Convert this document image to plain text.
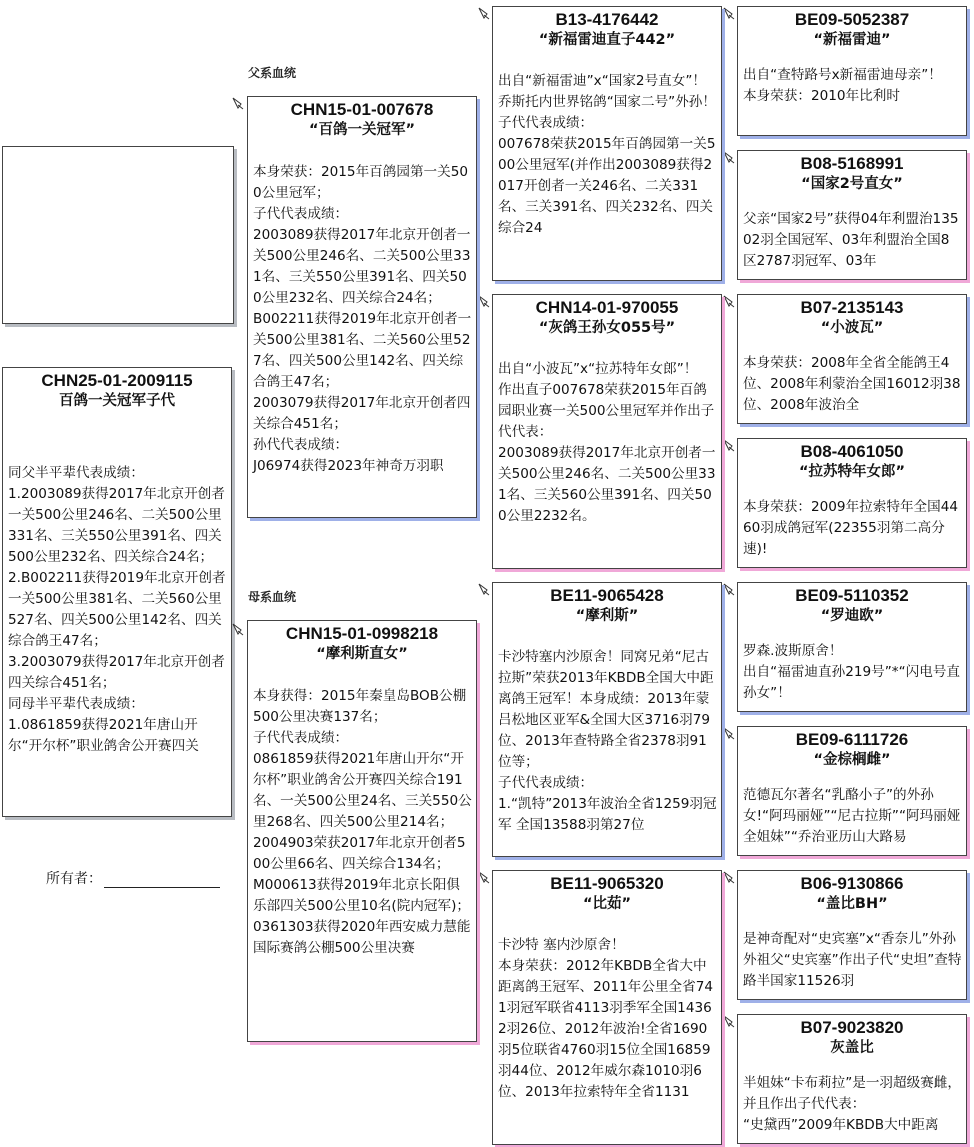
CHN25-01-2009115
百鸽一关冠军子代
同父半平辈代表成绩：
1.2003089获得2017年北京开创者一关500公里246名、二关500公里331名、三关550公里391名、四关500公里232名、四关综合24名；
2.B002211获得2019年北京开创者一关500公里381名、二关560公里527名、四关500公里142名、四关综合鸽王47名；
3.2003079获得2017年北京开创者四关综合451名；
同母半平辈代表成绩：
1.0861859获得2021年唐山开尔“开尔杯”职业鸽舍公开赛四关
所有者：
父系血统
母系血统
CHN15-01-007678
“百鸽一关冠军”
本身荣获：2015年百鸽园第一关500公里冠军；
子代代表成绩：
2003089获得2017年北京开创者一关500公里246名、二关500公里331名、三关550公里391名、四关500公里232名、四关综合24名；
B002211获得2019年北京开创者一关500公里381名、二关560公里527名、四关500公里142名、四关综合鸽王47名；
2003079获得2017年北京开创者四关综合451名；
孙代代表成绩：
J06974获得2023年神奇万羽职
CHN15-01-0998218
“摩利斯直女”
本身获得：2015年秦皇岛BOB公棚500公里决赛137名；
子代代表成绩：
0861859获得2021年唐山开尔“开尔杯”职业鸽舍公开赛四关综合191名、一关500公里24名、三关550公里268名、四关500公里214名；
2004903荣获2017年北京开创者500公里66名、四关综合134名；
M000613获得2019年北京长阳俱乐部四关500公里10名(院内冠军)；
0361303获得2020年西安威力慧能国际赛鸽公棚500公里决赛
B13-4176442
“新福雷迪直子442”
出自“新福雷迪”x“国家2号直女”！乔斯托内世界铭鸽“国家二号”外孙！
子代代表成绩：
007678荣获2015年百鸽园第一关500公里冠军(并作出2003089获得2017开创者一关246名、二关331名、三关391名、四关232名、四关综合24
CHN14-01-970055
“灰鸽王孙女055号”
出自“小波瓦”x“拉苏特年女郎”！
作出直子007678荣获2015年百鸽园职业赛一关500公里冠军并作出子代代表：
2003089获得2017年北京开创者一关500公里246名、二关500公里331名、三关560公里391名、四关500公里2232名。
BE11-9065428
“摩利斯”
卡沙特塞内沙原舍！同窝兄弟“尼古拉斯”荣获2013年KBDB全国大中距离鸽王冠军！本身成绩：2013年蒙吕松地区亚军&全国大区3716羽79位、2013年查特路全省2378羽91位等；
子代代表成绩：
1.“凯特”2013年波治全省1259羽冠军 全国13588羽第27位
BE11-9065320
“比茹”
卡沙特 塞内沙原舍！
本身荣获：2012年KBDB全省大中距离鸽王冠军、2011年公里全省741羽冠军联省4113羽季军全国14362羽26位、2012年波治!全省1690羽5位联省4760羽15位全国16859羽44位、2012年威尔森1010羽6位、2013年拉索特年全省1131
BE09-5052387
“新福雷迪”
出自“查特路号x新福雷迪母亲”！
本身荣获：2010年比利时
B08-5168991
“国家2号直女”
父亲“国家2号”获得04年利盟治13502羽全国冠军、03年利盟治全国8区2787羽冠军、03年
B07-2135143
“小波瓦”
本身荣获：2008年全省全能鸽王4位、2008年利蒙治全国16012羽38位、2008年波治全
B08-4061050
“拉苏特年女郎”
本身荣获：2009年拉索特年全国4460羽成鸽冠军(22355羽第二高分速)!
BE09-5110352
“罗迪欧”
罗森.波斯原舍！
出自“福雷迪直孙219号”*“闪电号直孙女”！
BE09-6111726
“金棕榈雌”
范德瓦尔著名“乳酪小子”的外孙女!“阿玛丽娅”“尼古拉斯”“阿玛丽娅全姐妹”“乔治亚历山大路易
B06-9130866
“盖比BH”
是神奇配对“史宾塞”x“香奈儿”外孙外祖父“史宾塞”作出子代“史坦”查特路半国家11526羽
B07-9023820
灰盖比
半姐妹“卡布莉拉”是一羽超级赛雌，并且作出子代代表：
“史黛西”2009年KBDB大中距离
